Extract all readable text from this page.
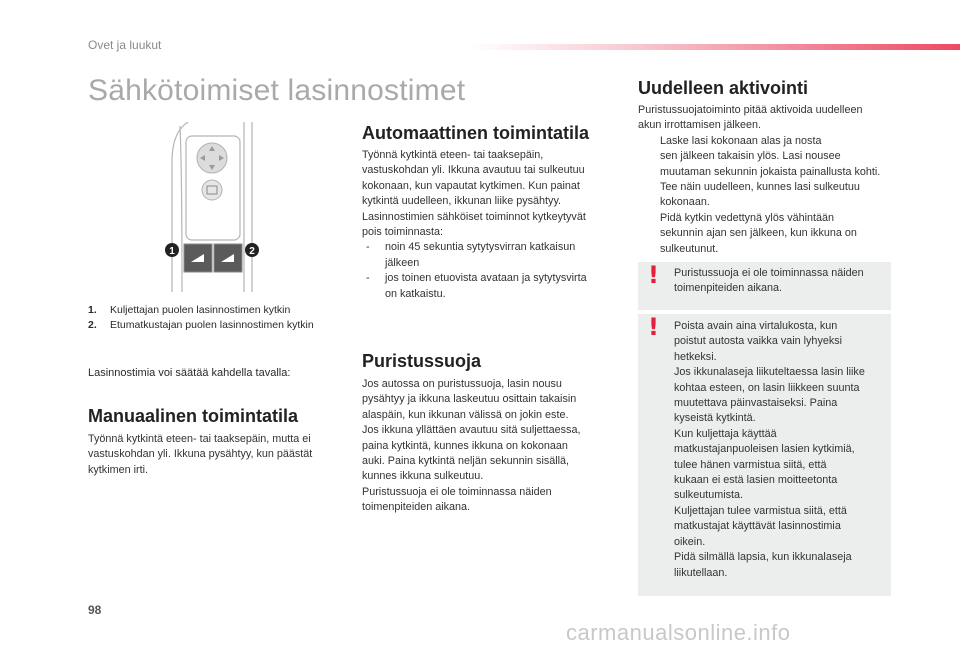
Ovet ja luukut
Sähkötoimiset lasinnostimet
1	2
1. Kuljettajan puolen lasinnostimen kytkin
2. Etumatkustajan puolen lasinnostimen kytkin
Lasinnostimia voi säätää kahdella tavalla:
Manuaalinen toimintatila

Työnnä kytkintä eteen- tai taaksepäin, mutta ei

vastuskohdan yli. Ikkuna pysähtyy, kun päästät

kytkimen irti.

Automaattinen toimintatila

Työnnä kytkintä eteen- tai taaksepäin,

vastuskohdan yli. Ikkuna avautuu tai sulkeutuu

kokonaan, kun vapautat kytkimen. Kun painat

kytkintä uudelleen, ikkunan liike pysähtyy.

Lasinnostimien sähköiset toiminnot kytkeytyvät

pois toiminnasta:

-	noin 45 sekuntia sytytysvirran katkaisun

jälkeen

-	jos toinen etuovista avataan ja sytytysvirta

on katkaistu.

Puristussuoja

Jos autossa on puristussuoja, lasin nousu

pysähtyy ja ikkuna laskeutuu osittain takaisin

alaspäin, kun ikkunan välissä on jokin este.

Jos ikkuna yllättäen avautuu sitä suljettaessa,

paina kytkintä, kunnes ikkuna on kokonaan

auki. Paina kytkintä neljän sekunnin sisällä,

kunnes ikkuna sulkeutuu.

Puristussuoja ei ole toiminnassa näiden

toimenpiteiden aikana.

Uudelleen aktivointi

Puristussuojatoiminto pitää aktivoida uudelleen

akun irrottamisen jälkeen.

Laske lasi kokonaan alas ja nosta

sen jälkeen takaisin ylös. Lasi nousee

muutaman sekunnin jokaista painallusta kohti.

Tee näin uudelleen, kunnes lasi sulkeutuu

kokonaan.

Pidä kytkin vedettynä ylös vähintään

sekunnin ajan sen jälkeen, kun ikkuna on

sulkeutunut.

! Puristussuoja ei ole toiminnassa näiden

toimenpiteiden aikana.

! Poista avain aina virtalukosta, kun

poistut autosta vaikka vain lyhyeksi

hetkeksi.

Jos ikkunalaseja liikuteltaessa lasin liike

kohtaa esteen, on lasin liikkeen suunta

muutettava päinvastaiseksi. Paina

kyseistä kytkintä.

Kun kuljettaja käyttää

matkustajanpuoleisen lasien kytkimiä,

tulee hänen varmistua siitä, että

kukaan ei estä lasien moitteetonta

sulkeutumista.

Kuljettajan tulee varmistua siitä, että

matkustajat käyttävät lasinnostimia

oikein.

Pidä silmällä lapsia, kun ikkunalaseja

liikutellaan.

98
carmanualsonline.info
